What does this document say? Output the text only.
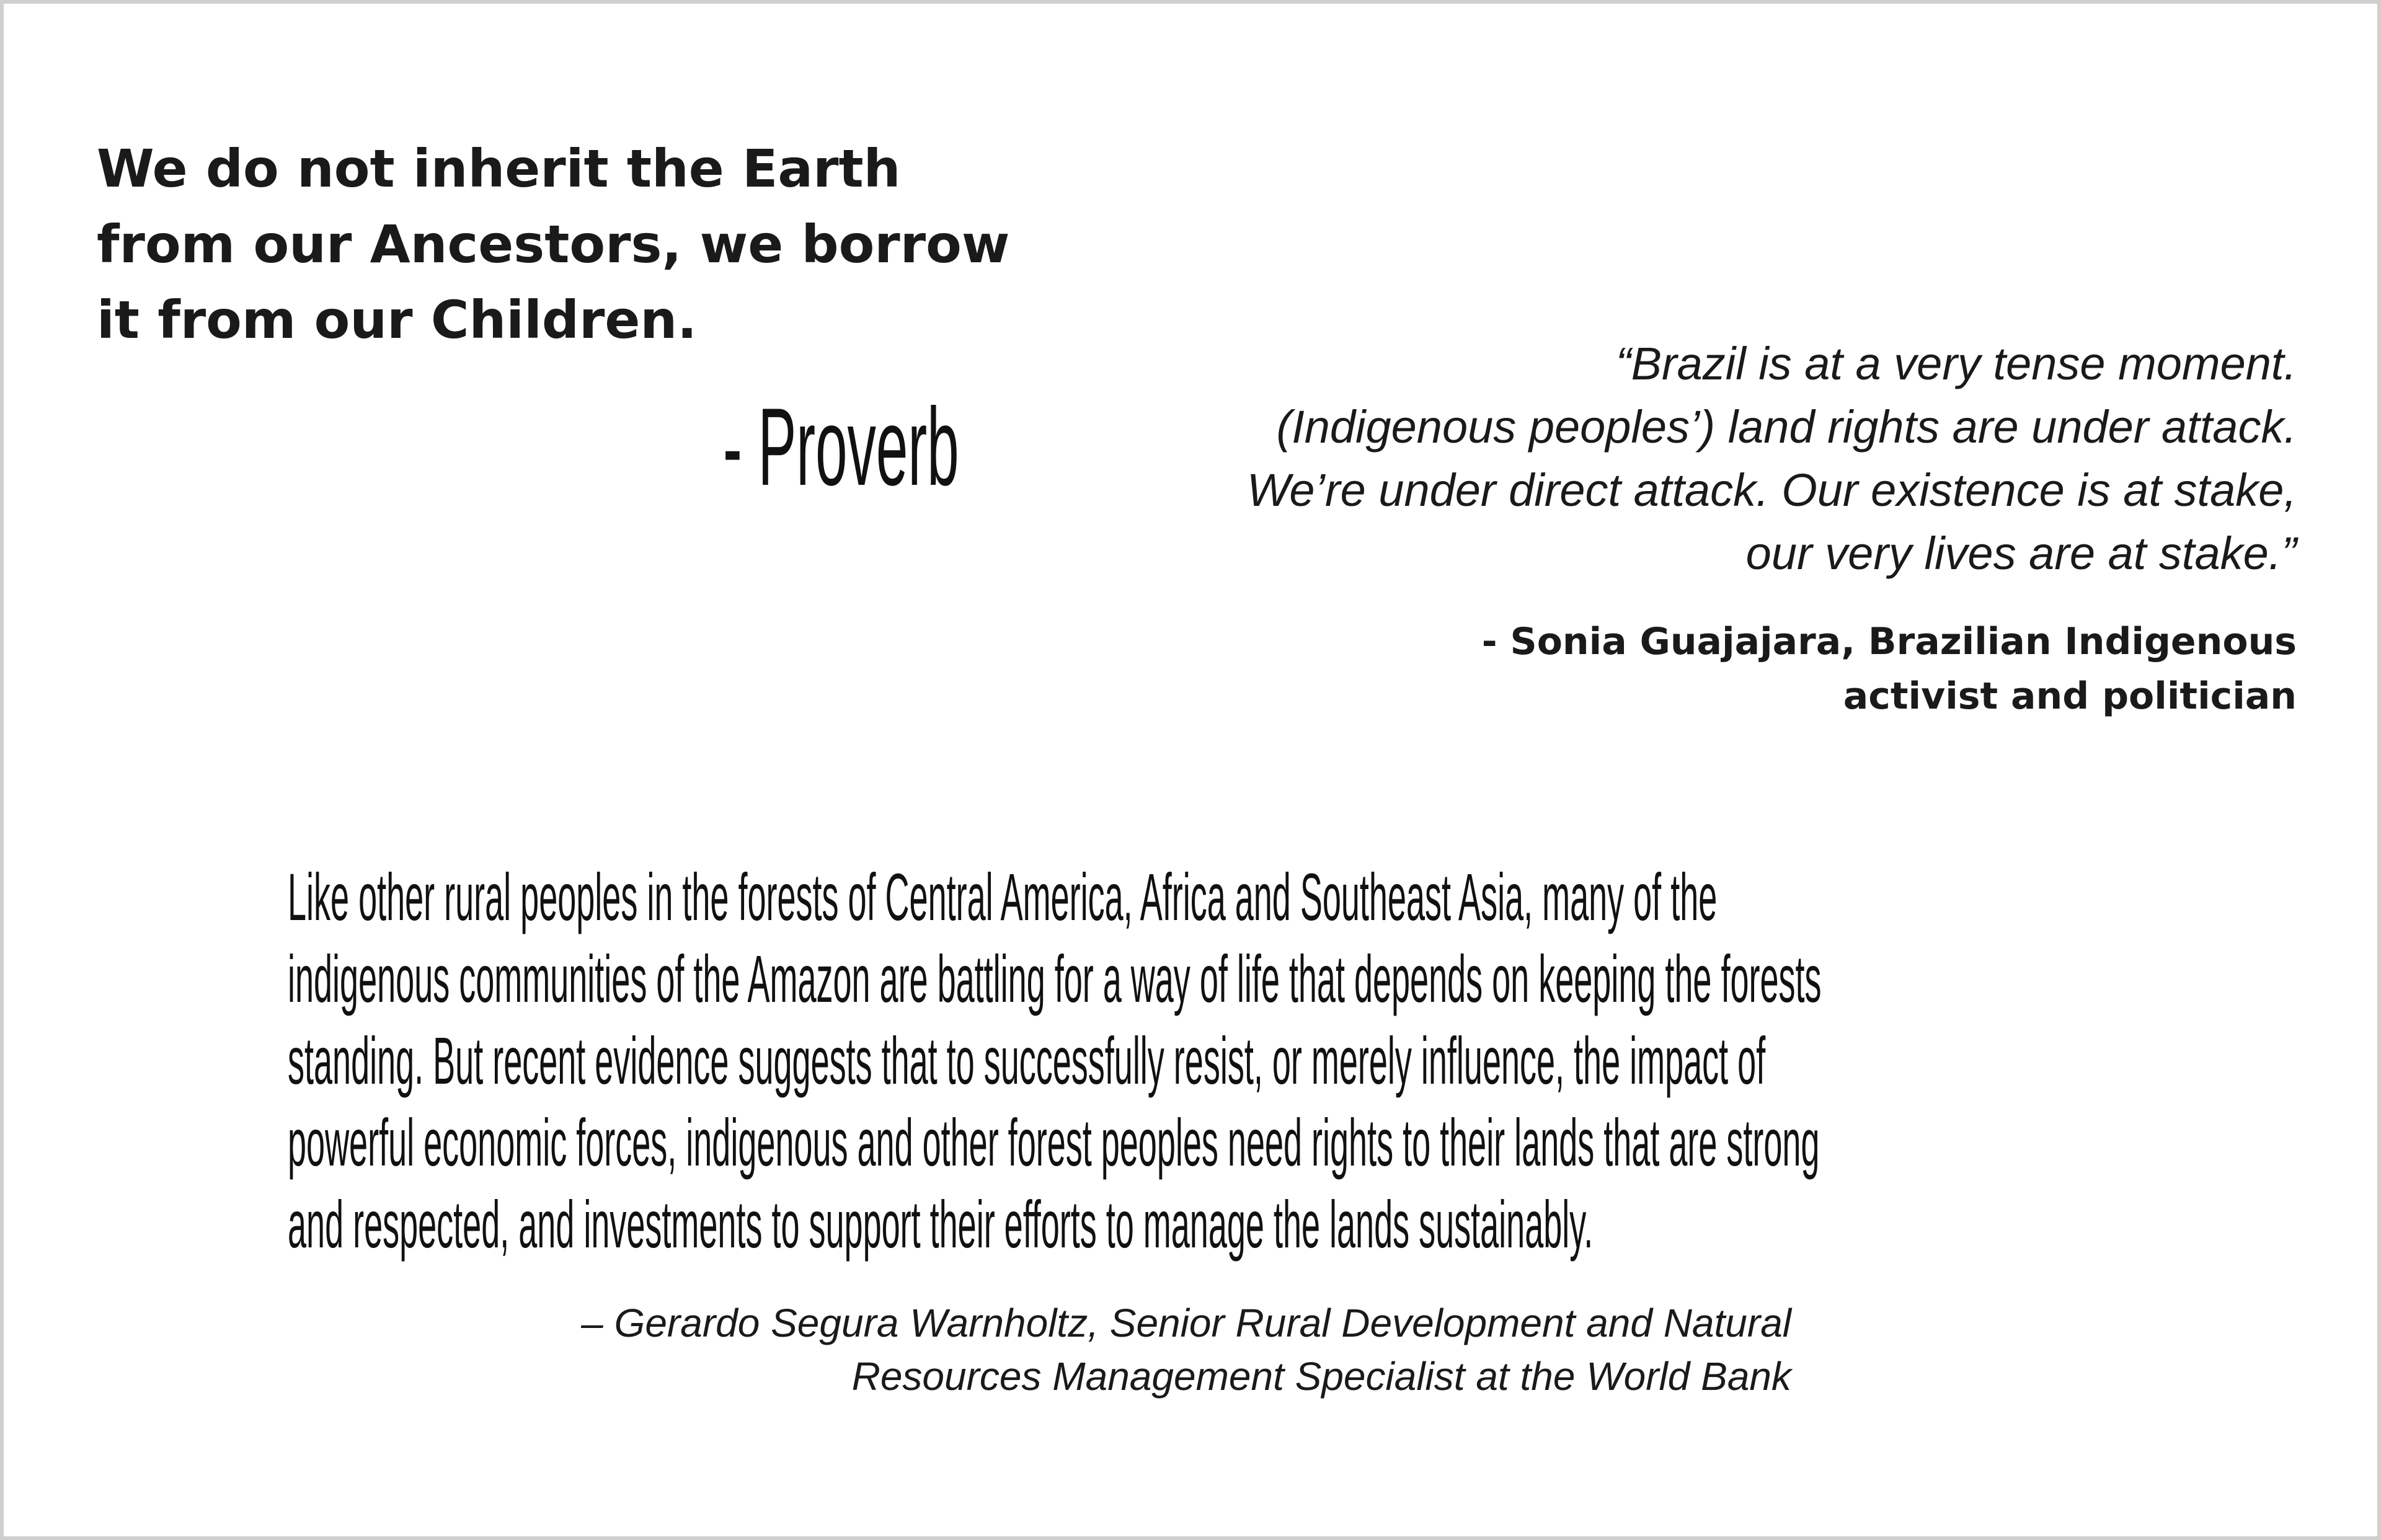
We do not inherit the Earth
from our Ancestors, we borrow
it from our Children.
- Proverb
“Brazil is at a very tense moment.
(Indigenous peoples’) land rights are under attack.
We’re under direct attack. Our existence is at stake,
our very lives are at stake.”
- Sonia Guajajara, Brazilian Indigenous
activist and politician
Like other rural peoples in the forests of Central America, Africa and Southeast Asia, many of the
indigenous communities of the Amazon are battling for a way of life that depends on keeping the forests
standing. But recent evidence suggests that to successfully resist, or merely influence, the impact of
powerful economic forces, indigenous and other forest peoples need rights to their lands that are strong
and respected, and investments to support their efforts to manage the lands sustainably.
– Gerardo Segura Warnholtz, Senior Rural Development and Natural
Resources Management Specialist at the World Bank
